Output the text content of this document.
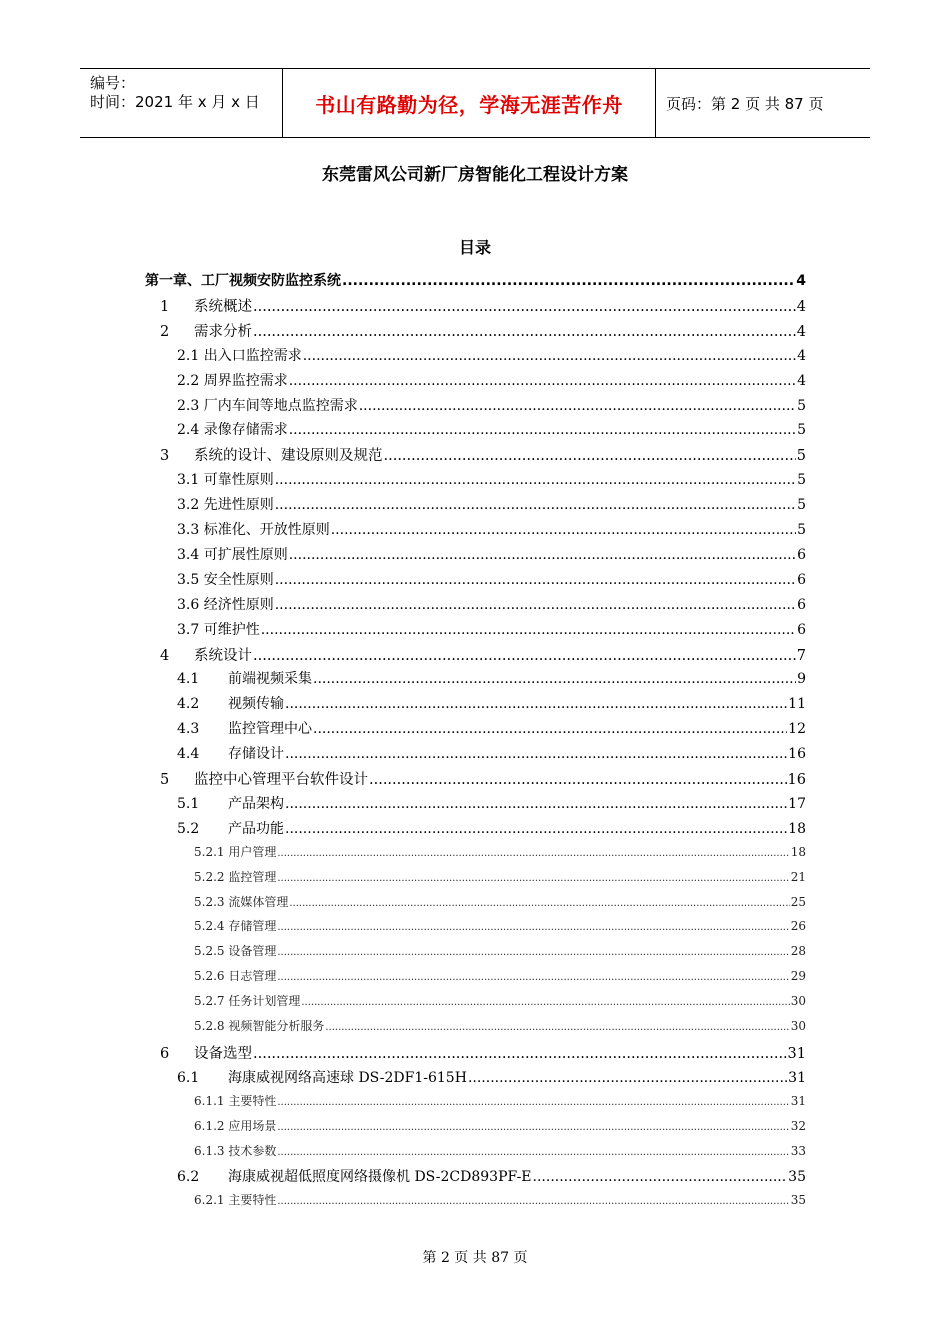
编号：
时间：2021 年 x 月 x 日	书山有路勤为径，学海无涯苦作舟	页码：第 2 页 共 87 页
东莞雷风公司新厂房智能化工程设计方案
目录
第一章、工厂视频安防监控系统 .....	4
1	系统概述 .....	4
2	需求分析 .....	4
2.1 出入口监控需求 .....	4
2.2 周界监控需求 .....	4
2.3 厂内车间等地点监控需求 .....	5
2.4 录像存储需求 .....	5
3	系统的设计、建设原则及规范 .....	5
3.1 可靠性原则 .....	5
3.2 先进性原则 .....	5
3.3 标准化、开放性原则 .....	5
3.4 可扩展性原则 .....	6
3.5 安全性原则 .....	6
3.6 经济性原则 .....	6
3.7 可维护性 .....	6
4	系统设计 .....	7
4.1	前端视频采集 .....	9
4.2	视频传输 .....	11
4.3	监控管理中心 .....	12
4.4	存储设计 .....	16
5	监控中心管理平台软件设计 .....	16
5.1	产品架构 .....	17
5.2	产品功能 .....	18
5.2.1 用户管理 .....	18
5.2.2 监控管理 .....	21
5.2.3 流媒体管理 .....	25
5.2.4 存储管理 .....	26
5.2.5 设备管理 .....	28
5.2.6 日志管理 .....	29
5.2.7 任务计划管理 .....	30
5.2.8 视频智能分析服务 .....	30
6	设备选型 .....	31
6.1	海康威视网络高速球 DS-2DF1-615H .....	31
6.1.1 主要特性 .....	31
6.1.2 应用场景 .....	32
6.1.3 技术参数 .....	33
6.2	海康威视超低照度网络摄像机 DS-2CD893PF-E .....	35
6.2.1 主要特性 .....	35
第 2 页 共 87 页
